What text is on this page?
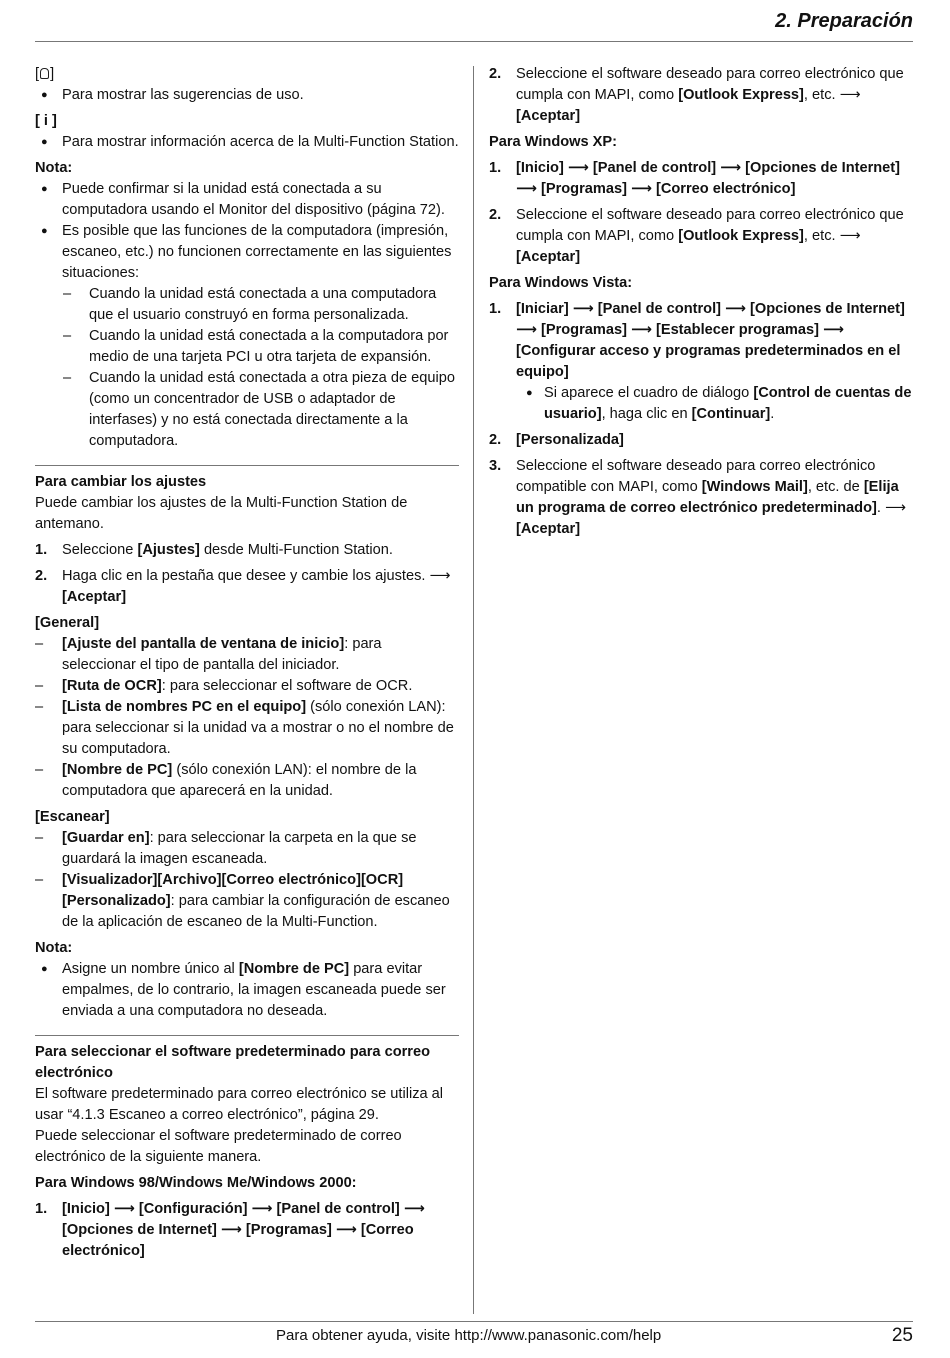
2. Preparación

[ ]

● Para mostrar las sugerencias de uso.

[ i ]

● Para mostrar información acerca de la Multi-Function Station.

Nota:

● Puede confirmar si la unidad está conectada a su computadora usando el Monitor del dispositivo (página 72).

● Es posible que las funciones de la computadora (impresión, escaneo, etc.) no funcionen correctamente en las siguientes situaciones:

– Cuando la unidad está conectada a una computadora que el usuario construyó en forma personalizada.

– Cuando la unidad está conectada a la computadora por medio de una tarjeta PCI u otra tarjeta de expansión.

– Cuando la unidad está conectada a otra pieza de equipo (como un concentrador de USB o adaptador de interfases) y no está conectada directamente a la computadora.

Para cambiar los ajustes

Puede cambiar los ajustes de la Multi-Function Station de antemano.

1. Seleccione [Ajustes] desde Multi-Function Station.

2. Haga clic en la pestaña que desee y cambie los ajustes. ⟶
[Aceptar]

[General]

– [Ajuste del pantalla de ventana de inicio]: para seleccionar el tipo de pantalla del iniciador.

– [Ruta de OCR]: para seleccionar el software de OCR.

– [Lista de nombres PC en el equipo] (sólo conexión LAN): para seleccionar si la unidad va a mostrar o no el nombre de su computadora.

– [Nombre de PC] (sólo conexión LAN): el nombre de la computadora que aparecerá en la unidad.

[Escanear]

– [Guardar en]: para seleccionar la carpeta en la que se guardará la imagen escaneada.

– [Visualizador][Archivo][Correo electrónico][OCR][Personalizado]: para cambiar la configuración de escaneo de la aplicación de escaneo de la Multi-Function.

Nota:

● Asigne un nombre único al [Nombre de PC] para evitar empalmes, de lo contrario, la imagen escaneada puede ser enviada a una computadora no deseada.

Para seleccionar el software predeterminado para correo electrónico

El software predeterminado para correo electrónico se utiliza al usar “4.1.3 Escaneo a correo electrónico”, página 29.

Puede seleccionar el software predeterminado de correo electrónico de la siguiente manera.

Para Windows 98/Windows Me/Windows 2000:

1. [Inicio] ⟶ [Configuración] ⟶ [Panel de control] ⟶ [Opciones de Internet] ⟶ [Programas] ⟶ [Correo electrónico]

2. Seleccione el software deseado para correo electrónico que cumpla con MAPI, como [Outlook Express], etc. ⟶
[Aceptar]

Para Windows XP:

1. [Inicio] ⟶ [Panel de control] ⟶ [Opciones de Internet] ⟶ [Programas] ⟶ [Correo electrónico]

2. Seleccione el software deseado para correo electrónico que cumpla con MAPI, como [Outlook Express], etc. ⟶
[Aceptar]

Para Windows Vista:

1. [Iniciar] ⟶ [Panel de control] ⟶ [Opciones de Internet] ⟶ [Programas] ⟶ [Establecer programas] ⟶ [Configurar acceso y programas predeterminados en el equipo]

● Si aparece el cuadro de diálogo [Control de cuentas de usuario], haga clic en [Continuar].

2. [Personalizada]

3. Seleccione el software deseado para correo electrónico compatible con MAPI, como [Windows Mail], etc. de [Elija un programa de correo electrónico predeterminado]. ⟶
[Aceptar]

Para obtener ayuda, visite http://www.panasonic.com/help	25
